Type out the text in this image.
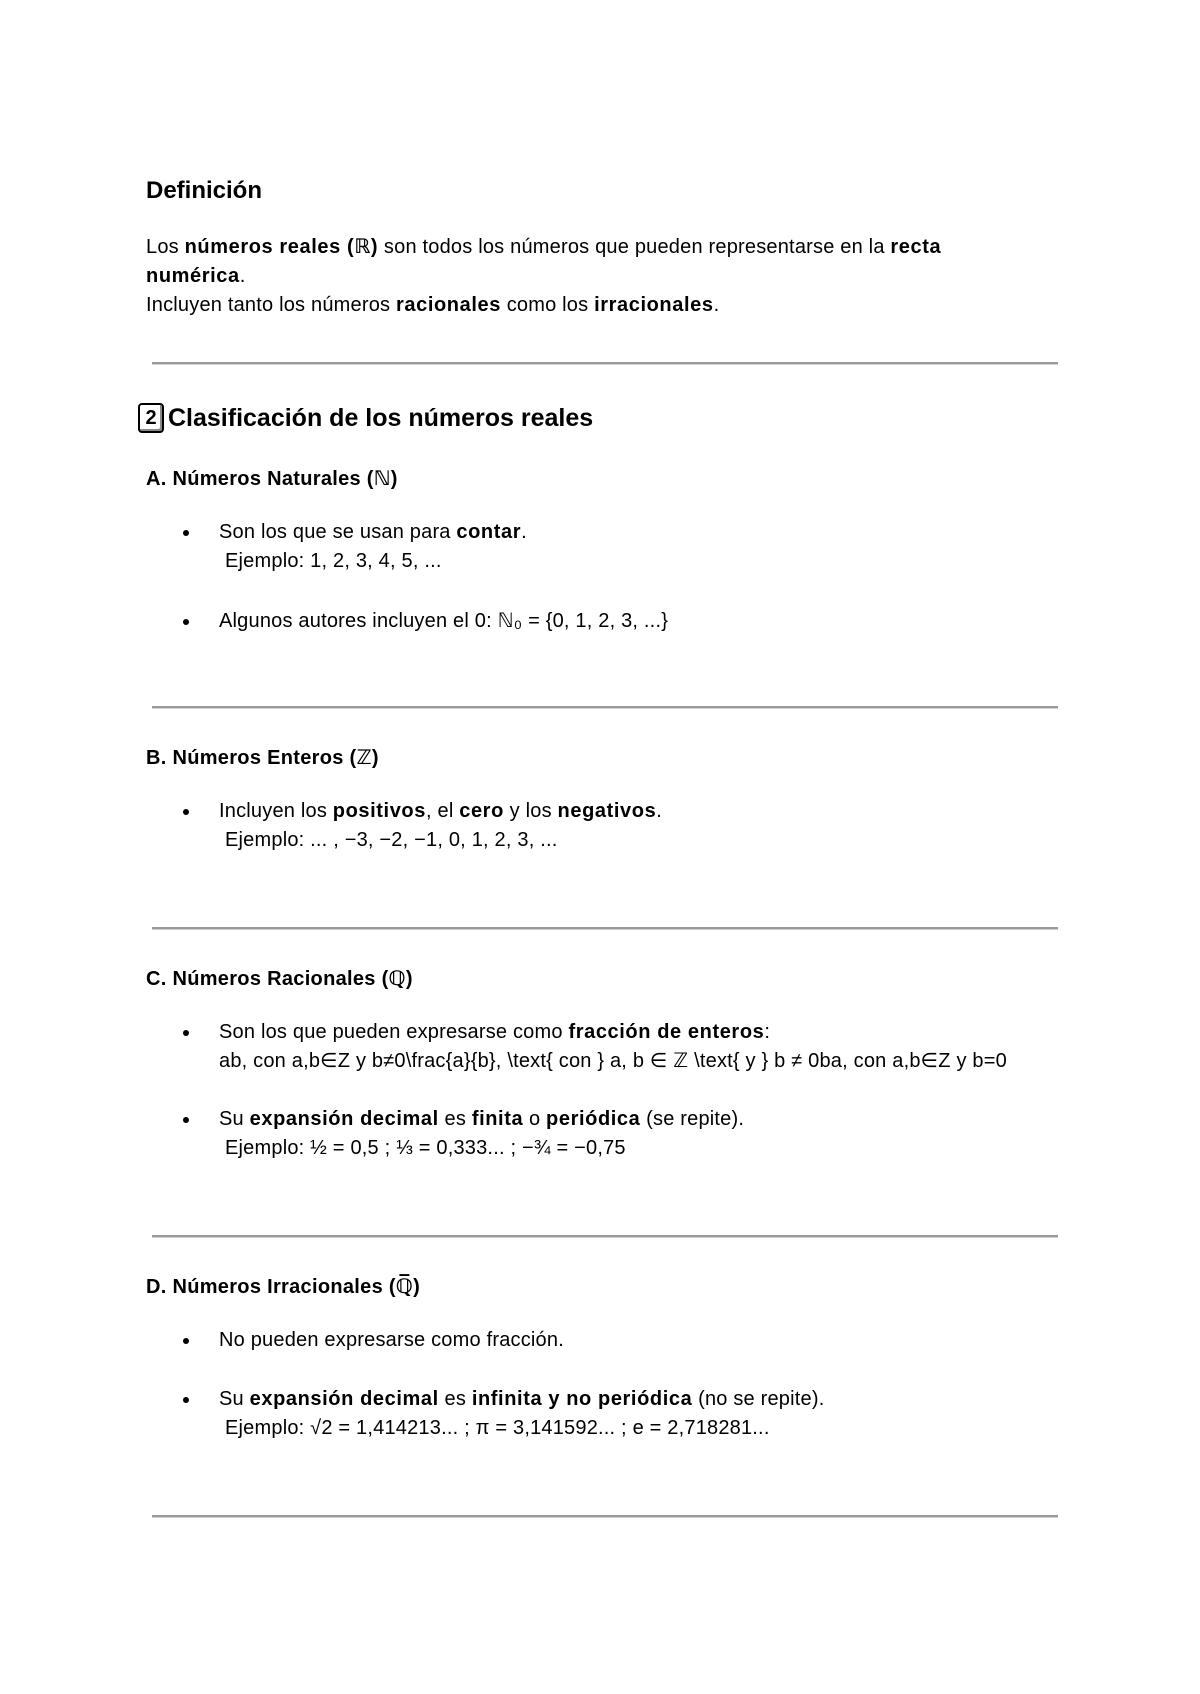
Definición
Los números reales (ℝ) son todos los números que pueden representarse en la recta numérica.
Incluyen tanto los números racionales como los irracionales.
2 Clasificación de los números reales
A. Números Naturales (ℕ)
Son los que se usan para contar.
Ejemplo: 1, 2, 3, 4, 5, ...
Algunos autores incluyen el 0: ℕ₀ = {0, 1, 2, 3, ...}
B. Números Enteros (ℤ)
Incluyen los positivos, el cero y los negativos.
Ejemplo: ... , −3, −2, −1, 0, 1, 2, 3, ...
C. Números Racionales (ℚ)
Son los que pueden expresarse como fracción de enteros:
ab, con a,b∈Z y b≠0\frac{a}{b}, \text{ con } a, b ∈ ℤ \text{ y } b ≠ 0ba, con a,b∈Z y b=0
Su expansión decimal es finita o periódica (se repite).
Ejemplo: ½ = 0,5 ; ⅓ = 0,333... ; −¾ = −0,75
D. Números Irracionales (ℚ̅)
No pueden expresarse como fracción.
Su expansión decimal es infinita y no periódica (no se repite).
Ejemplo: √2 = 1,414213... ; π = 3,141592... ; e = 2,718281...
